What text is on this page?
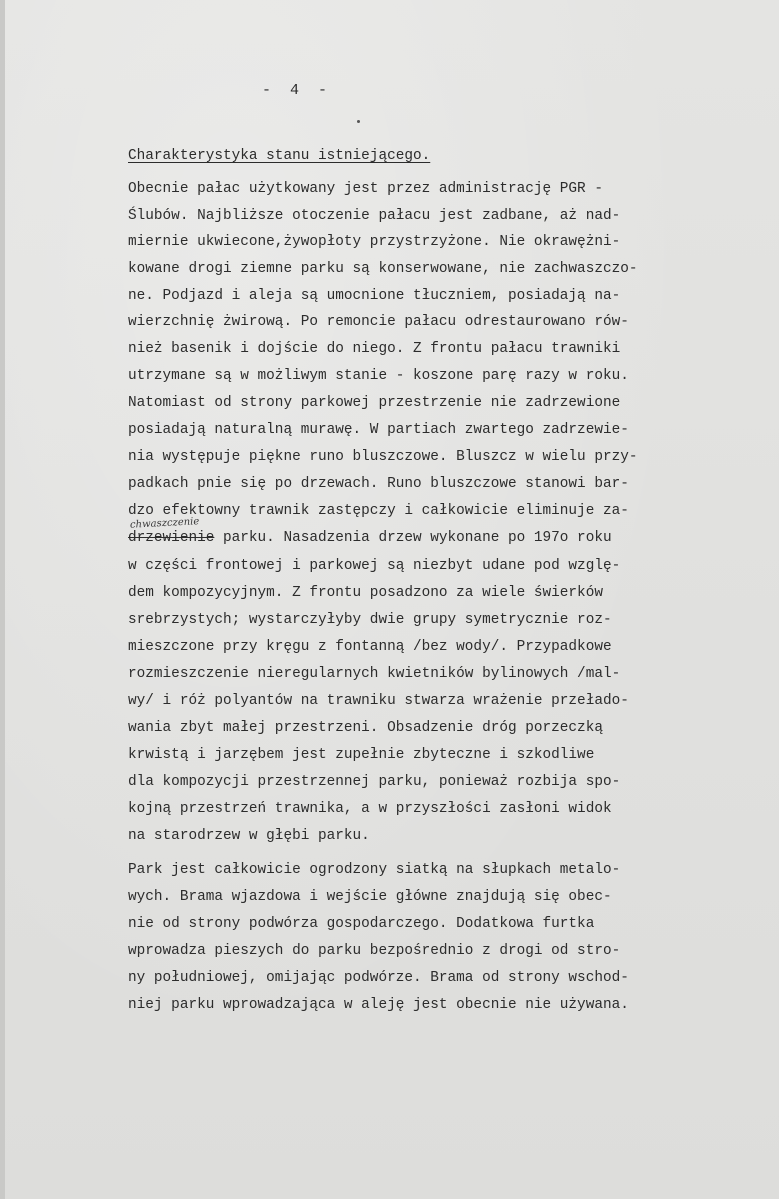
- 4 -
Charakterystyka stanu istniejącego.
Obecnie pałac użytkowany jest przez administrację PGR -
Ślubów. Najbliższe otoczenie pałacu jest zadbane, aż nad-
miernie ukwiecone,żywopłoty przystrzyżone. Nie okrawężni-
kowane drogi ziemne parku są konserwowane, nie zachwaszczo-
ne. Podjazd i aleja są umocnione tłuczniem, posiadają na-
wierzchnię żwirową. Po remoncie pałacu odrestaurowano rów-
nież basenik i dojście do niego. Z frontu pałacu trawniki
utrzymane są w możliwym stanie - koszone parę razy w roku.
Natomiast od strony parkowej przestrzenie nie zadrzewione
posiadają naturalną murawę. W partiach zwartego zadrzewie-
nia występuje piękne runo bluszczowe. Bluszcz w wielu przy-
padkach pnie się po drzewach. Runo bluszczowe stanowi bar-
dzo efektowny trawnik zastępczy i całkowicie eliminuje za-
chwaszczenie
drzewienie parku. Nasadzenia drzew wykonane po 197o roku
w części frontowej i parkowej są niezbyt udane pod wzglę-
dem kompozycyjnym. Z frontu posadzono za wiele świerków
srebrzystych; wystarczyłyby dwie grupy symetrycznie roz-
mieszczone przy kręgu z fontanną /bez wody/. Przypadkowe
rozmieszczenie nieregularnych kwietników bylinowych /mal-
wy/ i róż polyantów na trawniku stwarza wrażenie przełado-
wania zbyt małej przestrzeni. Obsadzenie dróg porzeczką
krwistą i jarzębem jest zupełnie zbyteczne i szkodliwe
dla kompozycji przestrzennej parku, ponieważ rozbija spo-
kojną przestrzeń trawnika, a w przyszłości zasłoni widok
na starodrzew w głębi parku.
Park jest całkowicie ogrodzony siatką na słupkach metalo-
wych. Brama wjazdowa i wejście główne znajdują się obec-
nie od strony podwórza gospodarczego. Dodatkowa furtka
wprowadza pieszych do parku bezpośrednio z drogi od stro-
ny południowej, omijając podwórze. Brama od strony wschod-
niej parku wprowadzająca w aleję jest obecnie nie używana.
